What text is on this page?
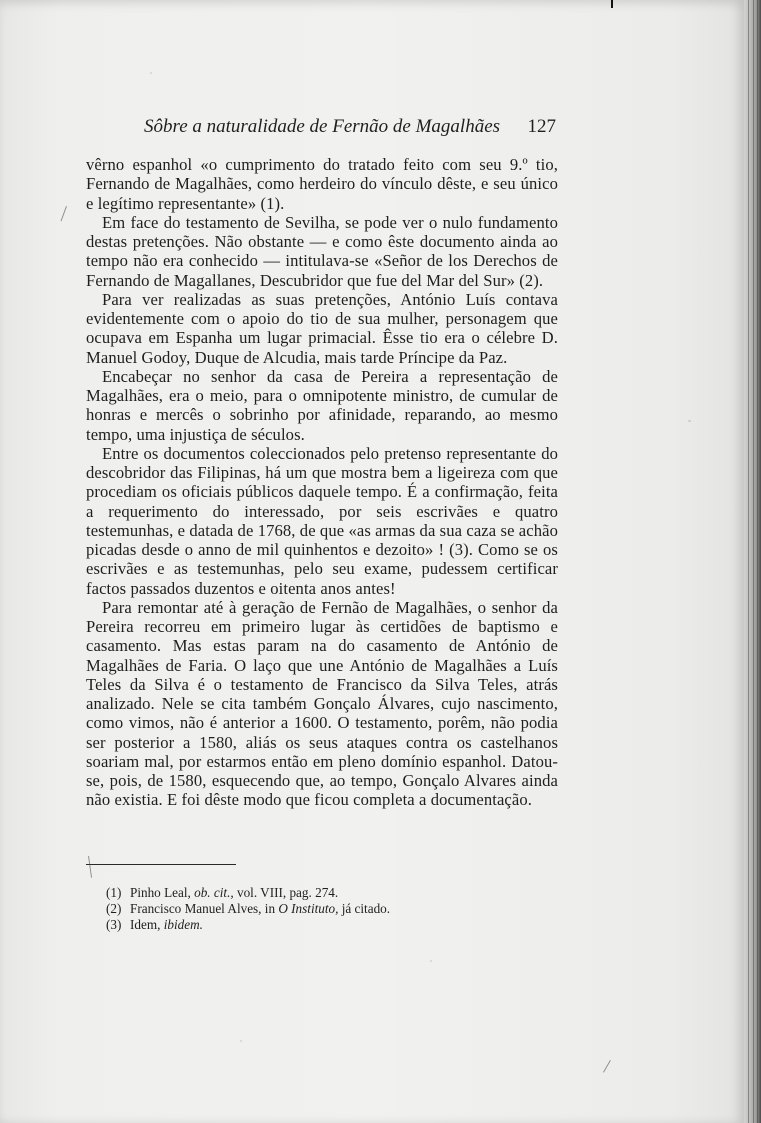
Sôbre a naturalidade de Fernão de Magalhães 127

vêrno espanhol «o cumprimento do tratado feito com seu 9.º tio, Fernando de Magalhães, como herdeiro do vínculo dêste, e seu único e legítimo representante» (1).

Em face do testamento de Sevilha, se pode ver o nulo fundamento destas pretenções. Não obstante — e como êste documento ainda ao tempo não era conhecido — intitulava-se «Señor de los Derechos de Fernando de Magallanes, Descubridor que fue del Mar del Sur» (2).

Para ver realizadas as suas pretenções, António Luís contava evidentemente com o apoio do tio de sua mulher, personagem que ocupava em Espanha um lugar primacial. Êsse tio era o célebre D. Manuel Godoy, Duque de Alcudia, mais tarde Príncipe da Paz.

Encabeçar no senhor da casa de Pereira a representação de Magalhães, era o meio, para o omnipotente ministro, de cumular de honras e mercês o sobrinho por afinidade, reparando, ao mesmo tempo, uma injustiça de séculos.

Entre os documentos coleccionados pelo pretenso representante do descobridor das Filipinas, há um que mostra bem a ligeireza com que procediam os oficiais públicos daquele tempo. É a confirmação, feita a requerimento do interessado, por seis escrivães e quatro testemunhas, e datada de 1768, de que «as armas da sua caza se achão picadas desde o anno de mil quinhentos e dezoito» ! (3). Como se os escrivães e as testemunhas, pelo seu exame, pudessem certificar factos passados duzentos e oitenta anos antes!

Para remontar até à geração de Fernão de Magalhães, o senhor da Pereira recorreu em primeiro lugar às certidões de baptismo e casamento. Mas estas param na do casamento de António de Magalhães de Faria. O laço que une António de Magalhães a Luís Teles da Silva é o testamento de Francisco da Silva Teles, atrás analizado. Nele se cita também Gonçalo Álvares, cujo nascimento, como vimos, não é anterior a 1600. O testamento, porêm, não podia ser posterior a 1580, aliás os seus ataques contra os castelhanos soariam mal, por estarmos então em pleno domínio espanhol. Datou-se, pois, de 1580, esquecendo que, ao tempo, Gonçalo Alvares ainda não existia. E foi dêste modo que ficou completa a documentação.

(1) Pinho Leal, ob. cit., vol. VIII, pag. 274.
(2) Francisco Manuel Alves, in O Instituto, já citado.
(3) Idem, ibidem.
